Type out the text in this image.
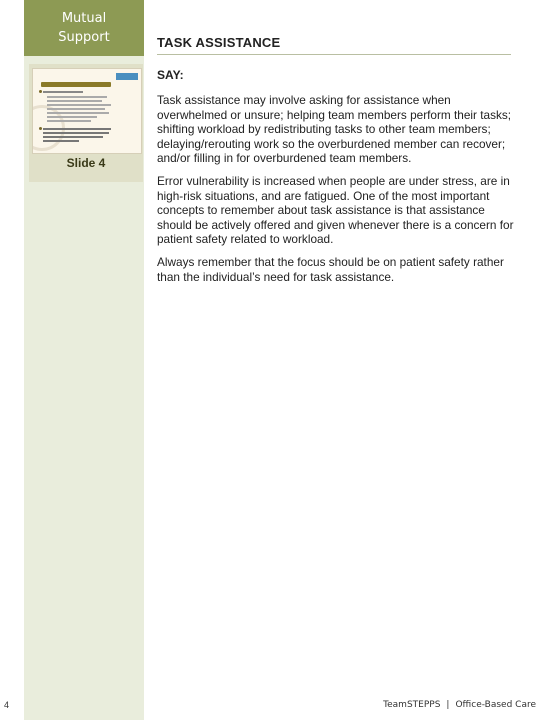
Mutual
Support
Slide 4
TASK ASSISTANCE
SAY:

Task assistance may involve asking for assistance when overwhelmed or unsure; helping team members perform their tasks; shifting workload by redistributing tasks to other team members; delaying/rerouting work so the overburdened member can recover; and/or filling in for overburdened team members.

Error vulnerability is increased when people are under stress, are in high-risk situations, and are fatigued. One of the most important concepts to remember about task assistance is that assistance should be actively offered and given whenever there is a concern for patient safety related to workload.

Always remember that the focus should be on patient safety rather than the individual’s need for task assistance.

4	TeamSTEPPS | Office-Based Care
